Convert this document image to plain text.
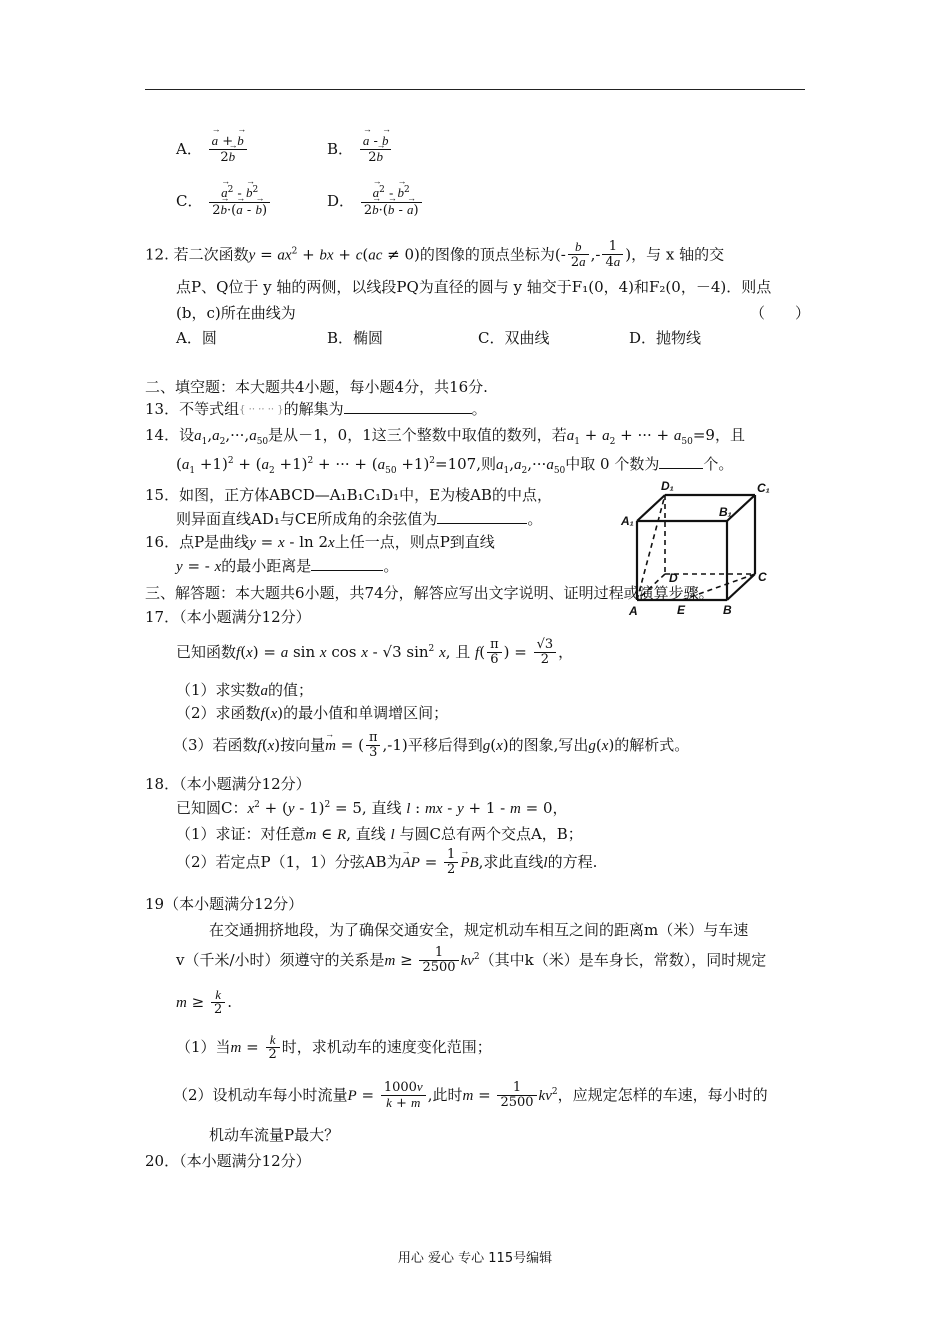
A． → $\frac{a + \to b}{2\to b}$	B． → $\frac{a - \to b}{2\to b}$
C． → $\frac{a^2 - \to b^2}{2\to b\cdot(\to a - \to b)}$	D． → $\frac{a^2 - \to b^2}{2\to b\cdot(\to b - \to a)}$
12. 若二次函数$y = ax^2$ + bx + c(ac ≠ 0)的图像的顶点坐标为(- $\frac{b}{2a}$ ,- $\frac{1}{4a}$ )，与 x 轴的交
点P、Q位于 y 轴的两侧，以线段PQ为直径的圆与 y 轴交于F₁(0，4)和F₂(0，－4)．则点
(b，c)所在曲线为	（　　）
A．圆	B．椭圆	C．双曲线	D．抛物线
二、填空题：本大题共4小题，每小题4分，共16分.
13．不等式组{ ·· ·· ·· }的解集为	。
14．设$a_1,a_2,\cdot\cdot\cdot,a_{50}$是从－1，0，1这三个整数中取值的数列，若$a_1 + a_2$ + ··· + $a_{50}=9$，且
$(a_1 +1)^2 + (a_2 +1)^2$ + ··· + $(a_{50} +1)^2=107$,则$a_1,a_2,\cdot\cdot\cdot a_{50}$中取 0 个数为	个。
15．如图，正方体ABCD—A₁B₁C₁D₁中，E为棱AB的中点，
则异面直线AD₁与CE所成角的余弦值为	。
16．点P是曲线y = x - ln 2x上任一点，则点P到直线
y = - x的最小距离是	。
D₁	C₁
A₁
B₁
D	C
A	E	B
三、解答题：本大题共6小题，共74分，解答应写出文字说明、证明过程或演算步骤。
17．（本小题满分12分）
已知函数f(x) = a sin x cos x - √3 $\sin^2 x$, 且 $f( \frac{\pi}{6}$ ) = $\frac{√3}{2}$ ，
（1）求实数a的值；
（2）求函数f(x)的最小值和单调增区间；
（3）若函数f(x)按向量→ m = ( $\frac{\pi}{3} ,-1$)平移后得到g(x)的图象,写出g(x)的解析式。
18．（本小题满分12分）
已知圆C：$x^2 + (y - 1)^2 = 5$, 直线 l : mx - y + 1 - m = 0，
（1）求证：对任意m ∈ R, 直线 l 与圆C总有两个交点A，B；
（2）若定点P（1，1）分弦AB为→ AP = $\frac{1}{2}$ → PB,求此直线l的方程.
19（本小题满分12分）
在交通拥挤地段，为了确保交通安全，规定机动车相互之间的距离m（米）与车速
v（千米/小时）须遵守的关系是$m \ge \frac{1}{2500} kv^2$（其中k（米）是车身长，常数），同时规定
$m \ge \frac{k}{2}$ .
（1）当$m = \frac{k}{2}$ 时，求机动车的速度变化范围；
（2）设机动车每小时流量$P = \frac{1000v}{k + m}$ ,此时$m = \frac{1}{2500} kv^2$，应规定怎样的车速，每小时的
机动车流量P最大？
20．（本小题满分12分）
用心 爱心 专心 115号编辑
